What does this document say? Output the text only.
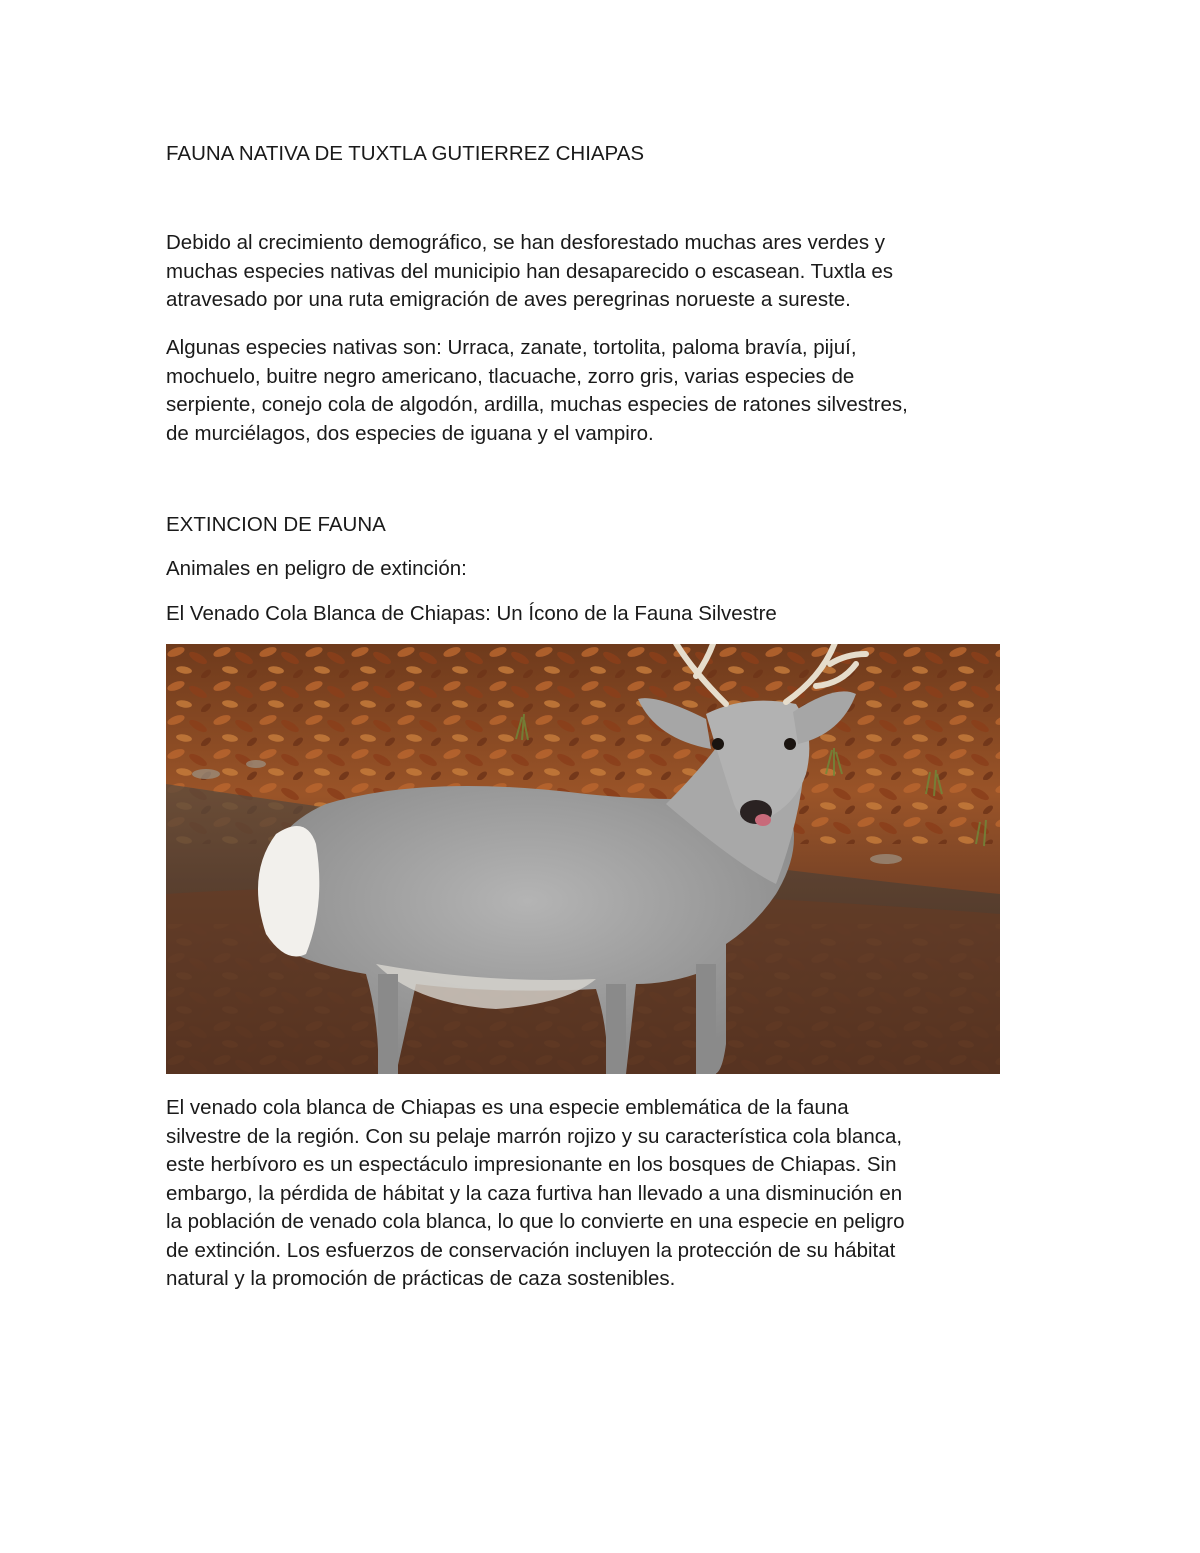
FAUNA NATIVA DE TUXTLA GUTIERREZ CHIAPAS

Debido al crecimiento demográfico, se han desforestado muchas ares verdes y
muchas especies nativas del municipio han desaparecido o escasean. Tuxtla es
atravesado por una ruta emigración de aves peregrinas norueste a sureste.

Algunas especies nativas son: Urraca, zanate, tortolita, paloma bravía, pijuí,
mochuelo, buitre negro americano, tlacuache, zorro gris, varias especies de
serpiente, conejo cola de algodón, ardilla, muchas especies de ratones silvestres,
de murciélagos, dos especies de iguana y el vampiro.

EXTINCION DE FAUNA

Animales en peligro de extinción:

El Venado Cola Blanca de Chiapas: Un Ícono de la Fauna Silvestre

El venado cola blanca de Chiapas es una especie emblemática de la fauna
silvestre de la región. Con su pelaje marrón rojizo y su característica cola blanca,
este herbívoro es un espectáculo impresionante en los bosques de Chiapas. Sin
embargo, la pérdida de hábitat y la caza furtiva han llevado a una disminución en
la población de venado cola blanca, lo que lo convierte en una especie en peligro
de extinción. Los esfuerzos de conservación incluyen la protección de su hábitat
natural y la promoción de prácticas de caza sostenibles.
